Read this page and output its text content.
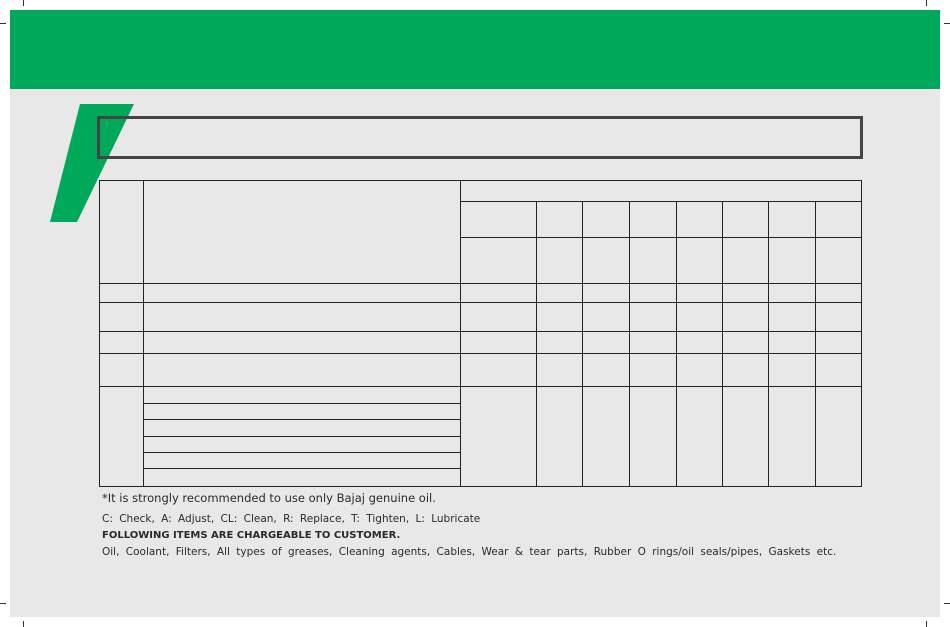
*It is strongly recommended to use only Bajaj genuine oil.
C: Check, A: Adjust, CL: Clean, R: Replace, T: Tighten, L: Lubricate
FOLLOWING ITEMS ARE CHARGEABLE TO CUSTOMER.
Oil, Coolant, Filters, All types of greases, Cleaning agents, Cables, Wear & tear parts, Rubber O rings/oil seals/pipes, Gaskets etc.
